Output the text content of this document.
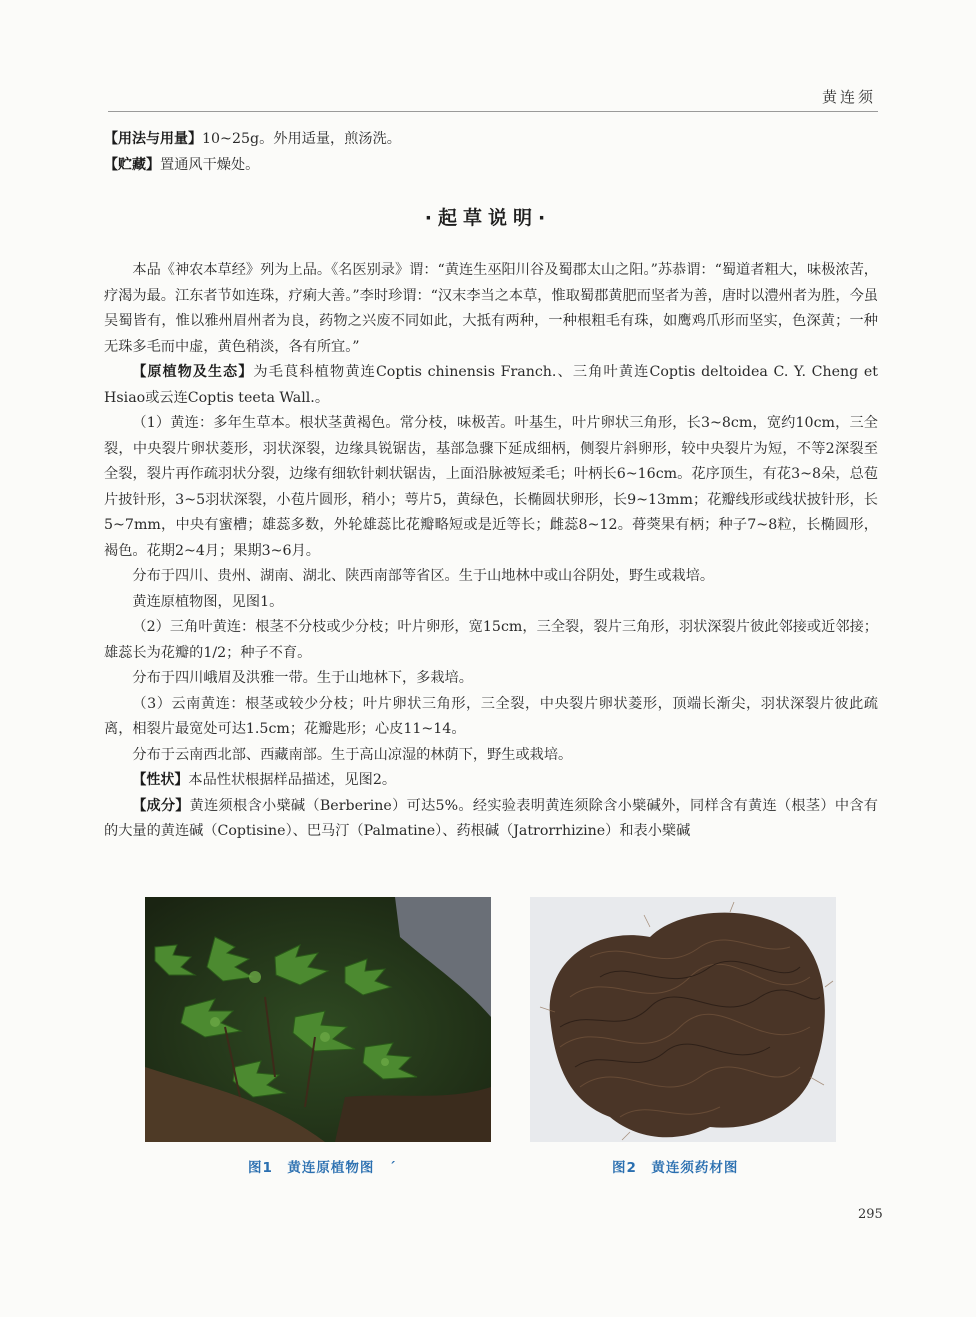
黄连须

【用法与用量】10~25g。外用适量，煎汤洗。

【贮藏】置通风干燥处。

·起草说明·

本品《神农本草经》列为上品。《名医别录》谓：“黄连生巫阳川谷及蜀郡太山之阳。”苏恭谓：“蜀道者粗大，味极浓苦，疗渴为最。江东者节如连珠，疗痢大善。”李时珍谓：“汉末李当之本草，惟取蜀郡黄肥而坚者为善，唐时以澧州者为胜，今虽吴蜀皆有，惟以雅州眉州者为良，药物之兴废不同如此，大抵有两种，一种根粗毛有珠，如鹰鸡爪形而坚实，色深黄；一种无珠多毛而中虚，黄色稍淡，各有所宜。”

【原植物及生态】为毛茛科植物黄连Coptis chinensis Franch.、三角叶黄连Coptis deltoidea C. Y. Cheng et Hsiao或云连Coptis teeta Wall.。

（1）黄连：多年生草本。根状茎黄褐色。常分枝，味极苦。叶基生，叶片卵状三角形，长3~8cm，宽约10cm，三全裂，中央裂片卵状菱形，羽状深裂，边缘具锐锯齿，基部急骤下延成细柄，侧裂片斜卵形，较中央裂片为短，不等2深裂至全裂，裂片再作疏羽状分裂，边缘有细软针刺状锯齿，上面沿脉被短柔毛；叶柄长6~16cm。花序顶生，有花3~8朵，总苞片披针形，3~5羽状深裂，小苞片圆形，稍小；萼片5，黄绿色，长椭圆状卵形，长9~13mm；花瓣线形或线状披针形，长5~7mm，中央有蜜槽；雄蕊多数，外轮雄蕊比花瓣略短或是近等长；雌蕊8~12。蓇葖果有柄；种子7~8粒，长椭圆形，褐色。花期2~4月；果期3~6月。

分布于四川、贵州、湖南、湖北、陕西南部等省区。生于山地林中或山谷阴处，野生或栽培。

黄连原植物图，见图1。

（2）三角叶黄连：根茎不分枝或少分枝；叶片卵形，宽15cm，三全裂，裂片三角形，羽状深裂片彼此邻接或近邻接；雄蕊长为花瓣的1/2；种子不育。

分布于四川峨眉及洪雅一带。生于山地林下，多栽培。

（3）云南黄连：根茎或较少分枝；叶片卵状三角形，三全裂，中央裂片卵状菱形，顶端长渐尖，羽状深裂片彼此疏离，相裂片最宽处可达1.5cm；花瓣匙形；心皮11~14。

分布于云南西北部、西藏南部。生于高山凉湿的林荫下，野生或栽培。

【性状】本品性状根据样品描述，见图2。

【成分】黄连须根含小檗碱（Berberine）可达5%。经实验表明黄连须除含小檗碱外，同样含有黄连（根茎）中含有的大量的黄连碱（Coptisine）、巴马汀（Palmatine）、药根碱（Jatrorrhizine）和表小檗碱

图1　黄连原植物图　ˊ	图2　黄连须药材图
295
